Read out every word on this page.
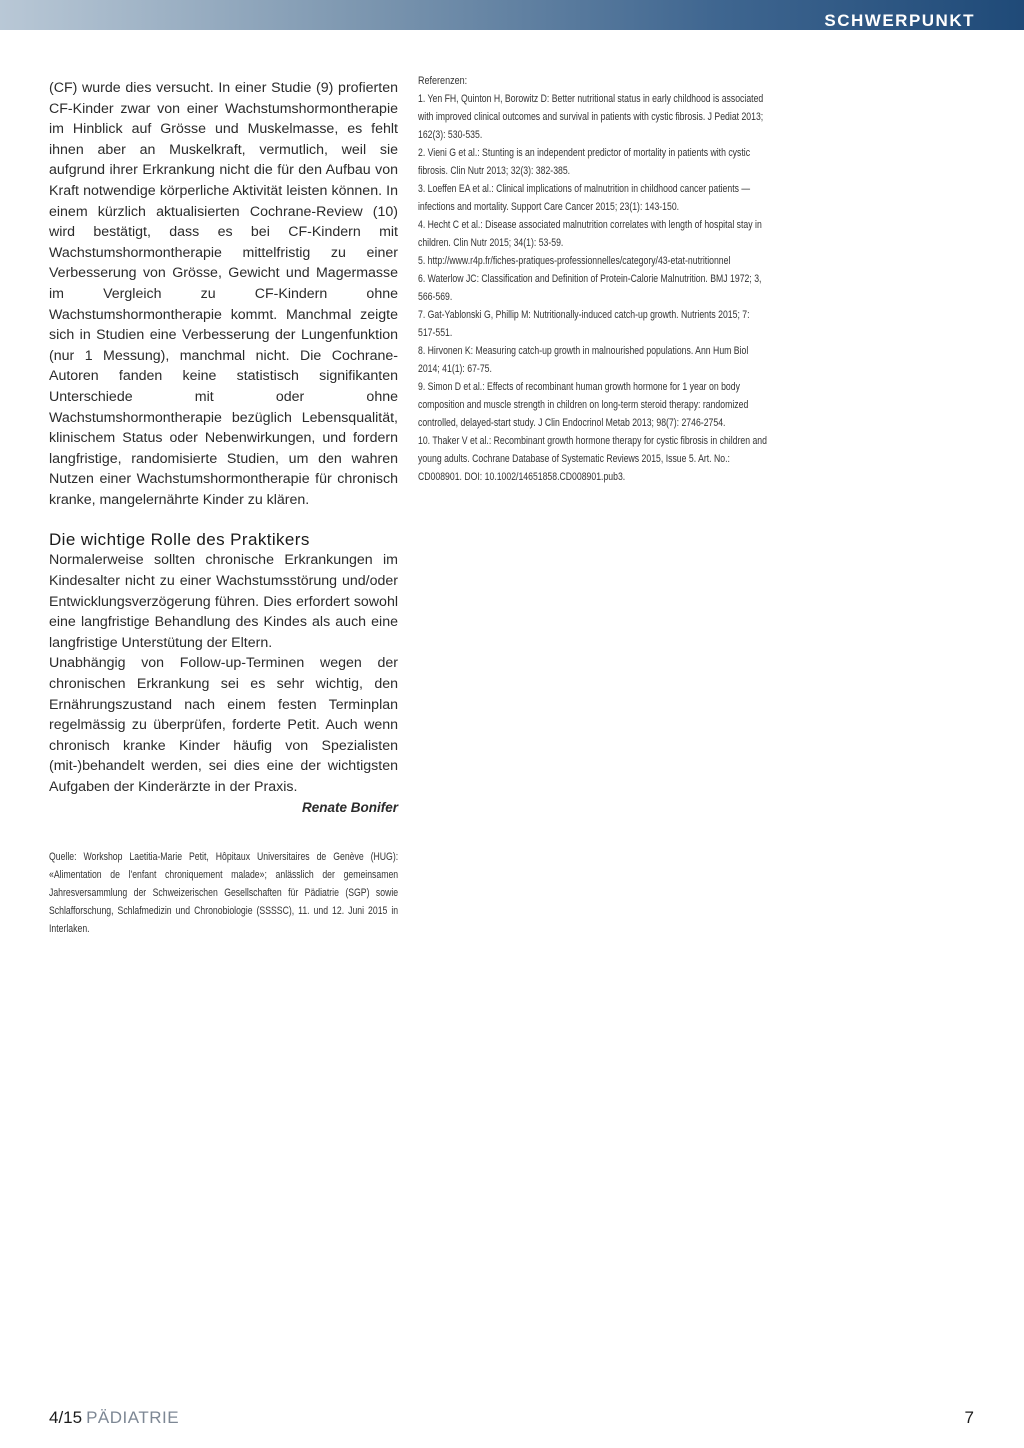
SCHWERPUNKT

(CF) wurde dies versucht. In einer Studie (9) profierten CF-Kinder zwar von einer Wachstumshormontherapie im Hinblick auf Grösse und Muskelmasse, es fehlt ihnen aber an Muskelkraft, vermutlich, weil sie aufgrund ihrer Erkrankung nicht die für den Aufbau von Kraft notwendige körperliche Aktivität leisten können. In einem kürzlich aktualisierten Cochrane-Review (10) wird bestätigt, dass es bei CF-Kindern mit Wachstumshormontherapie mittelfristig zu einer Verbesserung von Grösse, Gewicht und Magermasse im Vergleich zu CF-Kindern ohne Wachstumshormontherapie kommt. Manchmal zeigte sich in Studien eine Verbesserung der Lungenfunktion (nur 1 Messung), manchmal nicht. Die Cochrane-Autoren fanden keine statistisch signifikanten Unterschiede mit oder ohne Wachstumshormontherapie bezüglich Lebensqualität, klinischem Status oder Nebenwirkungen, und fordern langfristige, randomisierte Studien, um den wahren Nutzen einer Wachstumshormontherapie für chronisch kranke, mangelernährte Kinder zu klären.

Die wichtige Rolle des Praktikers

Normalerweise sollten chronische Erkrankungen im Kindesalter nicht zu einer Wachstumsstörung und/oder Entwicklungsverzögerung führen. Dies erfordert sowohl eine langfristige Behandlung des Kindes als auch eine langfristige Unterstütung der Eltern.

Unabhängig von Follow-up-Terminen wegen der chronischen Erkrankung sei es sehr wichtig, den Ernährungszustand nach einem festen Terminplan regelmässig zu überprüfen, forderte Petit. Auch wenn chronisch kranke Kinder häufig von Spezialisten (mit-)behandelt werden, sei dies eine der wichtigsten Aufgaben der Kinderärzte in der Praxis.

Renate Bonifer

Quelle: Workshop Laetitia-Marie Petit, Hôpitaux Universitaires de Genève (HUG): «Alimentation de l'enfant chroniquement malade»; anlässlich der gemeinsamen Jahresversammlung der Schweizerischen Gesellschaften für Pädiatrie (SGP) sowie Schlafforschung, Schlafmedizin und Chronobiologie (SSSSC), 11. und 12. Juni 2015 in Interlaken.

Referenzen:

1. Yen FH, Quinton H, Borowitz D: Better nutritional status in early childhood is associated with improved clinical outcomes and survival in patients with cystic fibrosis. J Pediat 2013; 162(3): 530-535.

2. Vieni G et al.: Stunting is an independent predictor of mortality in patients with cystic fibrosis. Clin Nutr 2013; 32(3): 382-385.

3. Loeffen EA et al.: Clinical implications of malnutrition in childhood cancer patients — infections and mortality. Support Care Cancer 2015; 23(1): 143-150.

4. Hecht C et al.: Disease associated malnutrition correlates with length of hospital stay in children. Clin Nutr 2015; 34(1): 53-59.

5. http://www.r4p.fr/fiches-pratiques-professionnelles/category/43-etat-nutritionnel

6. Waterlow JC: Classification and Definition of Protein-Calorie Malnutrition. BMJ 1972; 3, 566-569.

7. Gat-Yablonski G, Phillip M: Nutritionally-induced catch-up growth. Nutrients 2015; 7: 517-551.

8. Hirvonen K: Measuring catch-up growth in malnourished populations. Ann Hum Biol 2014; 41(1): 67-75.

9. Simon D et al.: Effects of recombinant human growth hormone for 1 year on body composition and muscle strength in children on long-term steroid therapy: randomized controlled, delayed-start study. J Clin Endocrinol Metab 2013; 98(7): 2746-2754.

10. Thaker V et al.: Recombinant growth hormone therapy for cystic fibrosis in children and young adults. Cochrane Database of Systematic Reviews 2015, Issue 5. Art. No.: CD008901. DOI: 10.1002/14651858.CD008901.pub3.

4/15 PÄDIATRIE	7
